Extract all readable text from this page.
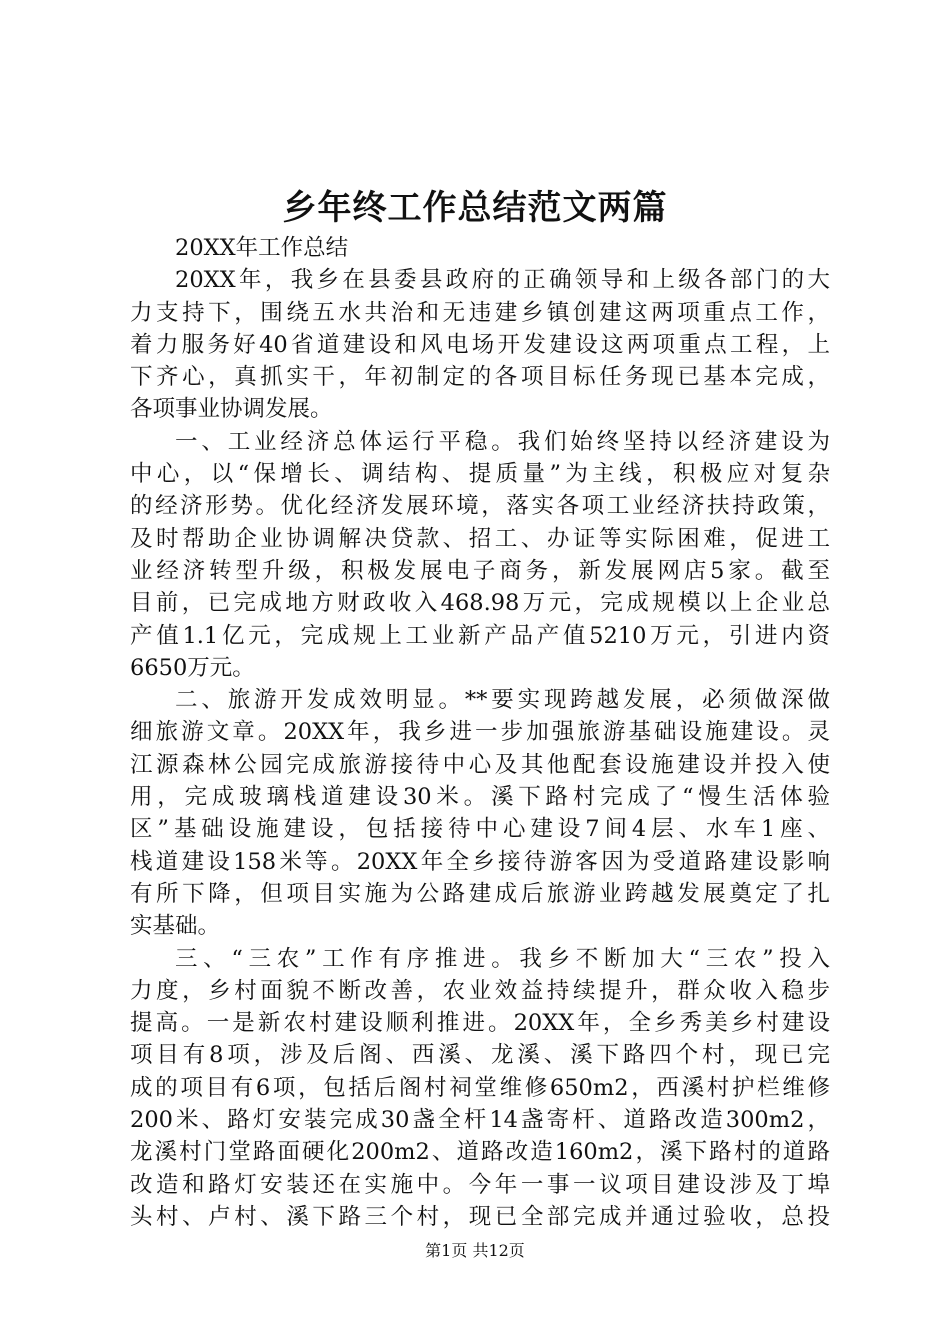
乡年终工作总结范文两篇
20XX年工作总结
20XX年，我乡在县委县政府的正确领导和上级各部门的大
力支持下，围绕五水共治和无违建乡镇创建这两项重点工作，
着力服务好40省道建设和风电场开发建设这两项重点工程，上
下齐心，真抓实干，年初制定的各项目标任务现已基本完成，
各项事业协调发展。
一、工业经济总体运行平稳。我们始终坚持以经济建设为
中心，以“保增长、调结构、提质量”为主线，积极应对复杂
的经济形势。优化经济发展环境，落实各项工业经济扶持政策，
及时帮助企业协调解决贷款、招工、办证等实际困难，促进工
业经济转型升级，积极发展电子商务，新发展网店5家。截至
目前，已完成地方财政收入468.98万元，完成规模以上企业总
产值1.1亿元，完成规上工业新产品产值5210万元，引进内资
6650万元。
二、旅游开发成效明显。**要实现跨越发展，必须做深做
细旅游文章。20XX年，我乡进一步加强旅游基础设施建设。灵
江源森林公园完成旅游接待中心及其他配套设施建设并投入使
用，完成玻璃栈道建设30米。溪下路村完成了“慢生活体验
区”基础设施建设，包括接待中心建设7间4层、水车1座、
栈道建设158米等。20XX年全乡接待游客因为受道路建设影响
有所下降，但项目实施为公路建成后旅游业跨越发展奠定了扎
实基础。
三、“三农”工作有序推进。我乡不断加大“三农”投入
力度，乡村面貌不断改善，农业效益持续提升，群众收入稳步
提高。一是新农村建设顺利推进。20XX年，全乡秀美乡村建设
项目有8项，涉及后阁、西溪、龙溪、溪下路四个村，现已完
成的项目有6项，包括后阁村祠堂维修650m2，西溪村护栏维修
200米、路灯安装完成30盏全杆14盏寄杆、道路改造300m2，
龙溪村门堂路面硬化200m2、道路改造160m2，溪下路村的道路
改造和路灯安装还在实施中。今年一事一议项目建设涉及丁埠
头村、卢村、溪下路三个村，现已全部完成并通过验收，总投
第1页 共12页
